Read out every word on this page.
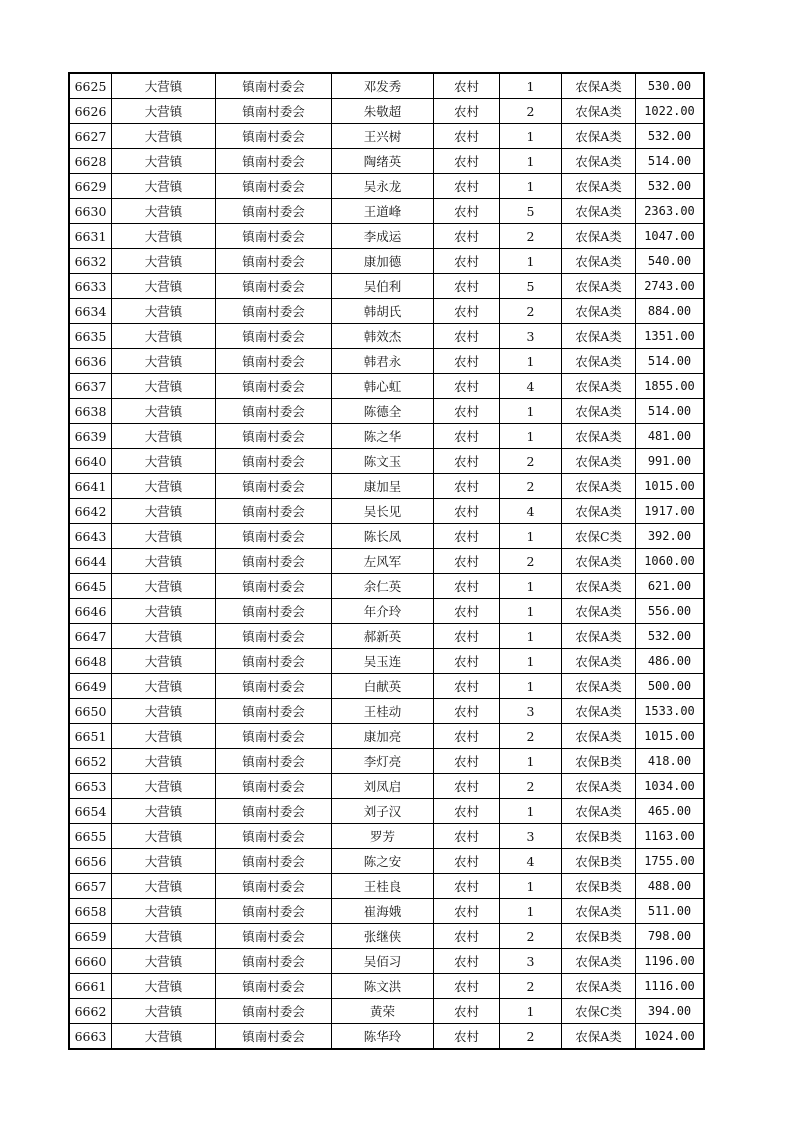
6625	大营镇	镇南村委会	邓发秀	农村	1	农保A类	530.00
6626	大营镇	镇南村委会	朱敬超	农村	2	农保A类	1022.00
6627	大营镇	镇南村委会	王兴树	农村	1	农保A类	532.00
6628	大营镇	镇南村委会	陶绪英	农村	1	农保A类	514.00
6629	大营镇	镇南村委会	吴永龙	农村	1	农保A类	532.00
6630	大营镇	镇南村委会	王道峰	农村	5	农保A类	2363.00
6631	大营镇	镇南村委会	李成运	农村	2	农保A类	1047.00
6632	大营镇	镇南村委会	康加德	农村	1	农保A类	540.00
6633	大营镇	镇南村委会	吴伯利	农村	5	农保A类	2743.00
6634	大营镇	镇南村委会	韩胡氏	农村	2	农保A类	884.00
6635	大营镇	镇南村委会	韩效杰	农村	3	农保A类	1351.00
6636	大营镇	镇南村委会	韩君永	农村	1	农保A类	514.00
6637	大营镇	镇南村委会	韩心虹	农村	4	农保A类	1855.00
6638	大营镇	镇南村委会	陈德全	农村	1	农保A类	514.00
6639	大营镇	镇南村委会	陈之华	农村	1	农保A类	481.00
6640	大营镇	镇南村委会	陈文玉	农村	2	农保A类	991.00
6641	大营镇	镇南村委会	康加呈	农村	2	农保A类	1015.00
6642	大营镇	镇南村委会	吴长见	农村	4	农保A类	1917.00
6643	大营镇	镇南村委会	陈长凤	农村	1	农保C类	392.00
6644	大营镇	镇南村委会	左风军	农村	2	农保A类	1060.00
6645	大营镇	镇南村委会	余仁英	农村	1	农保A类	621.00
6646	大营镇	镇南村委会	年介玲	农村	1	农保A类	556.00
6647	大营镇	镇南村委会	郝新英	农村	1	农保A类	532.00
6648	大营镇	镇南村委会	吴玉连	农村	1	农保A类	486.00
6649	大营镇	镇南村委会	白献英	农村	1	农保A类	500.00
6650	大营镇	镇南村委会	王桂动	农村	3	农保A类	1533.00
6651	大营镇	镇南村委会	康加亮	农村	2	农保A类	1015.00
6652	大营镇	镇南村委会	李灯亮	农村	1	农保B类	418.00
6653	大营镇	镇南村委会	刘凤启	农村	2	农保A类	1034.00
6654	大营镇	镇南村委会	刘子汉	农村	1	农保A类	465.00
6655	大营镇	镇南村委会	罗芳	农村	3	农保B类	1163.00
6656	大营镇	镇南村委会	陈之安	农村	4	农保B类	1755.00
6657	大营镇	镇南村委会	王桂良	农村	1	农保B类	488.00
6658	大营镇	镇南村委会	崔海娥	农村	1	农保A类	511.00
6659	大营镇	镇南村委会	张继侠	农村	2	农保B类	798.00
6660	大营镇	镇南村委会	吴佰习	农村	3	农保A类	1196.00
6661	大营镇	镇南村委会	陈文洪	农村	2	农保A类	1116.00
6662	大营镇	镇南村委会	黄荣	农村	1	农保C类	394.00
6663	大营镇	镇南村委会	陈华玲	农村	2	农保A类	1024.00
